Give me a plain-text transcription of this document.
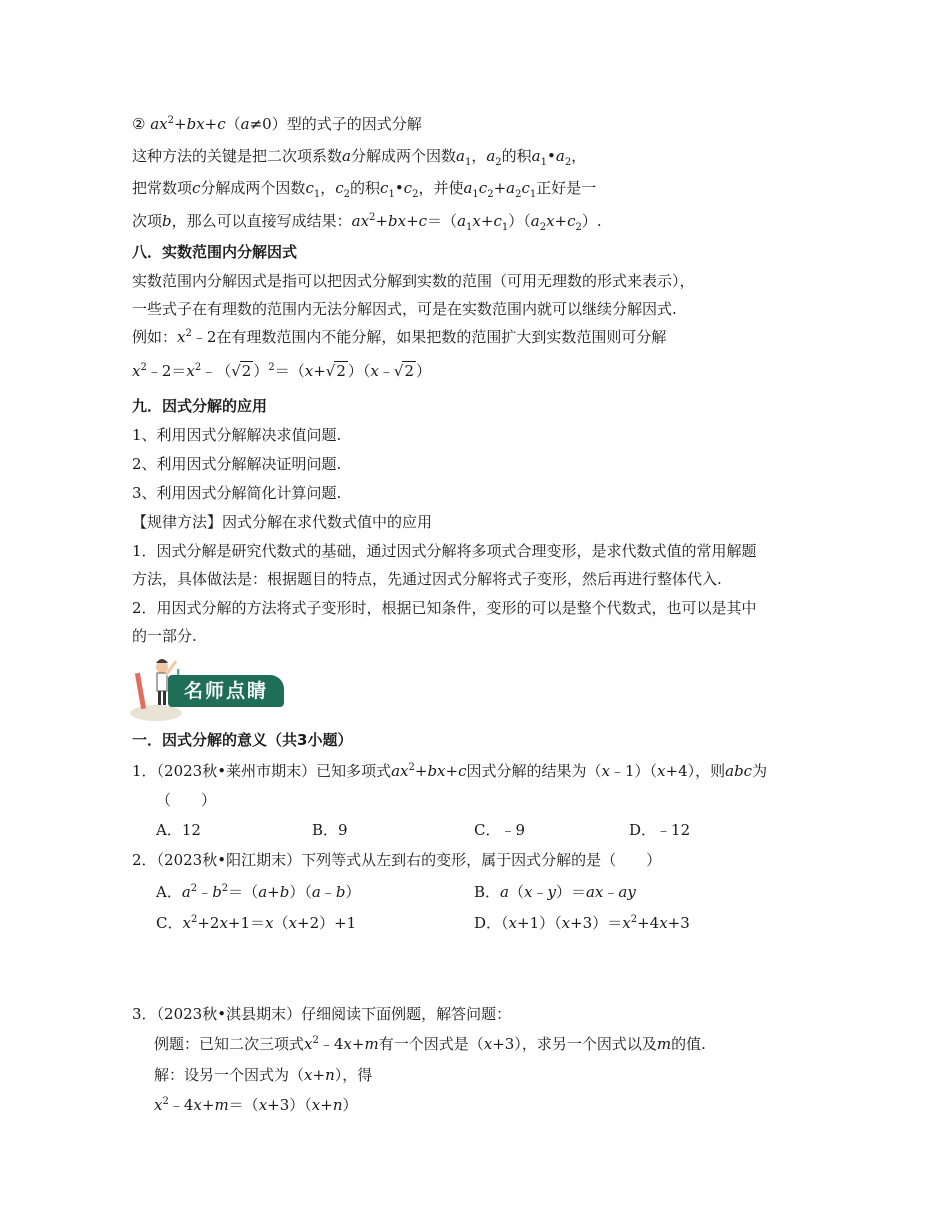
② $ax^2+bx+c(a\ne 0)$型的式子的因式分解
这种方法的关键是把二次项系数a分解成两个因数$a_1$，$a_2$的积$a_1•a_2$，
把常数项c分解成两个因数$c_1$，$c_2$的积$c_1•c_2$，并使$a_1c_2+a_2c_1$正好是一
次项b，那么可以直接写成结果：$ax^2+bx+c=(a_1x+c_1)(a_2x+c_2)$.
八．实数范围内分解因式
实数范围内分解因式是指可以把因式分解到实数的范围（可用无理数的形式来表示），
一些式子在有理数的范围内无法分解因式，可是在实数范围内就可以继续分解因式.
例如：$x^2﹣2$在有理数范围内不能分解，如果把数的范围扩大到实数范围则可分解
$x^2﹣2=x^2﹣(√2$ ）$^2$＝（x+√2 ）（x﹣√2 ）
九．因式分解的应用
1、利用因式分解解决求值问题.
2、利用因式分解解决证明问题.
3、利用因式分解简化计算问题.
【规律方法】因式分解在求代数式值中的应用
1．因式分解是研究代数式的基础，通过因式分解将多项式合理变形，是求代数式值的常用解题
方法，具体做法是：根据题目的特点，先通过因式分解将式子变形，然后再进行整体代入.
2．用因式分解的方法将式子变形时，根据已知条件，变形的可以是整个代数式，也可以是其中
的一部分.
名师点睛
一．因式分解的意义（共3小题）
1．（2023秋•莱州市期末）已知多项式$ax^2+bx+c$因式分解的结果为（x﹣1）（x+4），则abc为
（　　）
A．12	B．9	C．﹣9	D．﹣12
2．（2023秋•阳江期末）下列等式从左到右的变形，属于因式分解的是（　　）
A．$a^2﹣b^2=(a+b)(a﹣b)$	B．a（x﹣y）＝ax﹣ay
C．$x^2+2x+1=x(x+2)+1$	D．$(x+1)(x+3)=x^2+4x+3$
3．（2023秋•淇县期末）仔细阅读下面例题，解答问题：
例题：已知二次三项式$x^2﹣4x+m$有一个因式是（x+3），求另一个因式以及m的值.
解：设另一个因式为（x+n），得
$x^2﹣4x+m=(x+3)(x+n)$
